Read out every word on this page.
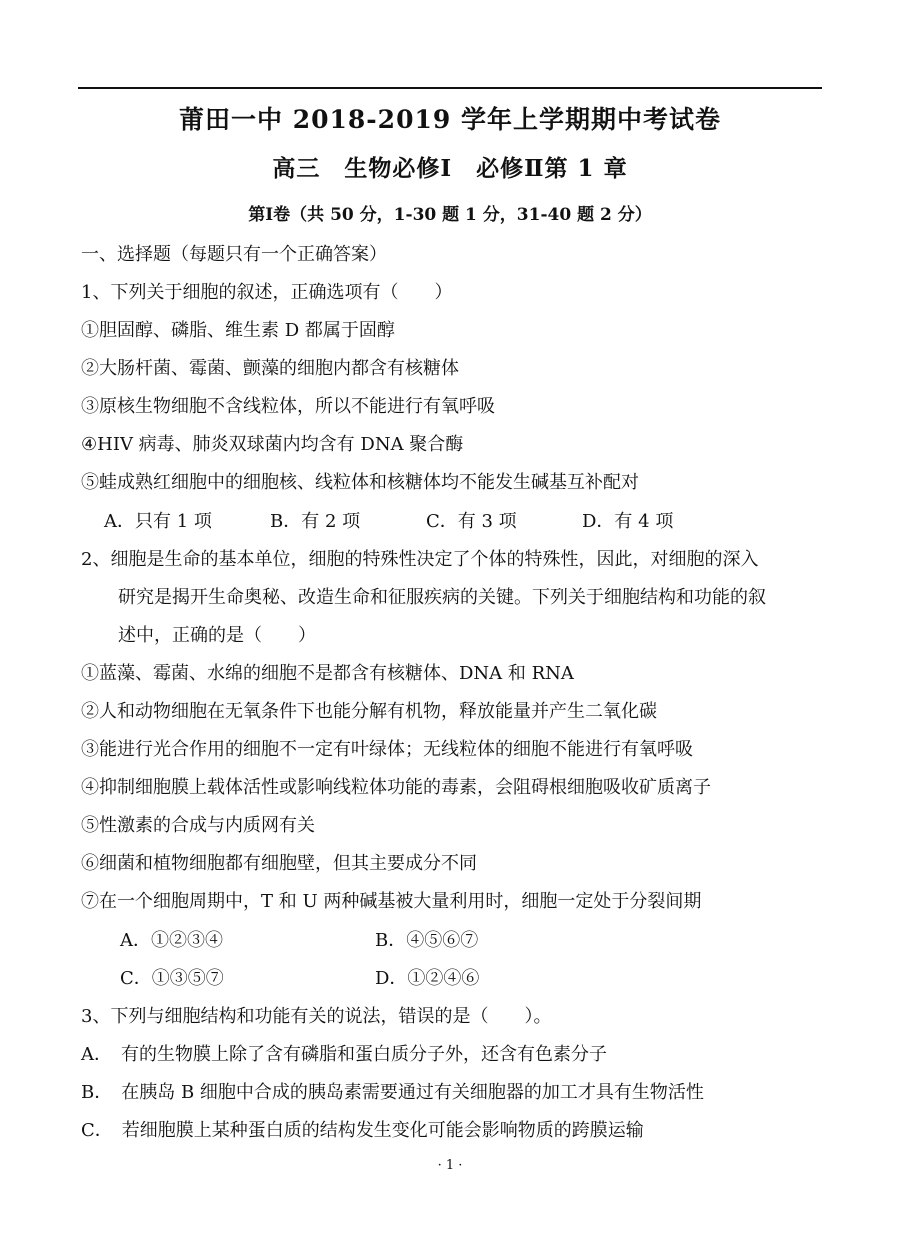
莆田一中 2018-2019 学年上学期期中考试卷
高三　生物必修Ⅰ　必修Ⅱ第 1 章
第Ⅰ卷（共 50 分，1-30 题 1 分，31-40 题 2 分）
一、选择题（每题只有一个正确答案）
1、下列关于细胞的叙述，正确选项有（　　）
①胆固醇、磷脂、维生素 D 都属于固醇
②大肠杆菌、霉菌、颤藻的细胞内都含有核糖体
③原核生物细胞不含线粒体，所以不能进行有氧呼吸
④HIV 病毒、肺炎双球菌内均含有 DNA 聚合酶
⑤蛙成熟红细胞中的细胞核、线粒体和核糖体均不能发生碱基互补配对
A．只有 1 项	B．有 2 项	C．有 3 项	D．有 4 项
2、细胞是生命的基本单位，细胞的特殊性决定了个体的特殊性，因此，对细胞的深入
研究是揭开生命奥秘、改造生命和征服疾病的关键。下列关于细胞结构和功能的叙
述中，正确的是（　　）
①蓝藻、霉菌、水绵的细胞不是都含有核糖体、DNA 和 RNA
②人和动物细胞在无氧条件下也能分解有机物，释放能量并产生二氧化碳
③能进行光合作用的细胞不一定有叶绿体；无线粒体的细胞不能进行有氧呼吸
④抑制细胞膜上载体活性或影响线粒体功能的毒素，会阻碍根细胞吸收矿质离子
⑤性激素的合成与内质网有关
⑥细菌和植物细胞都有细胞壁，但其主要成分不同
⑦在一个细胞周期中，T 和 U 两种碱基被大量利用时，细胞一定处于分裂间期
A．①②③④	B．④⑤⑥⑦
C．①③⑤⑦	D．①②④⑥
3、下列与细胞结构和功能有关的说法，错误的是（　　）。
A．　有的生物膜上除了含有磷脂和蛋白质分子外，还含有色素分子
B．　在胰岛 B 细胞中合成的胰岛素需要通过有关细胞器的加工才具有生物活性
C．　若细胞膜上某种蛋白质的结构发生变化可能会影响物质的跨膜运输
· 1 ·
